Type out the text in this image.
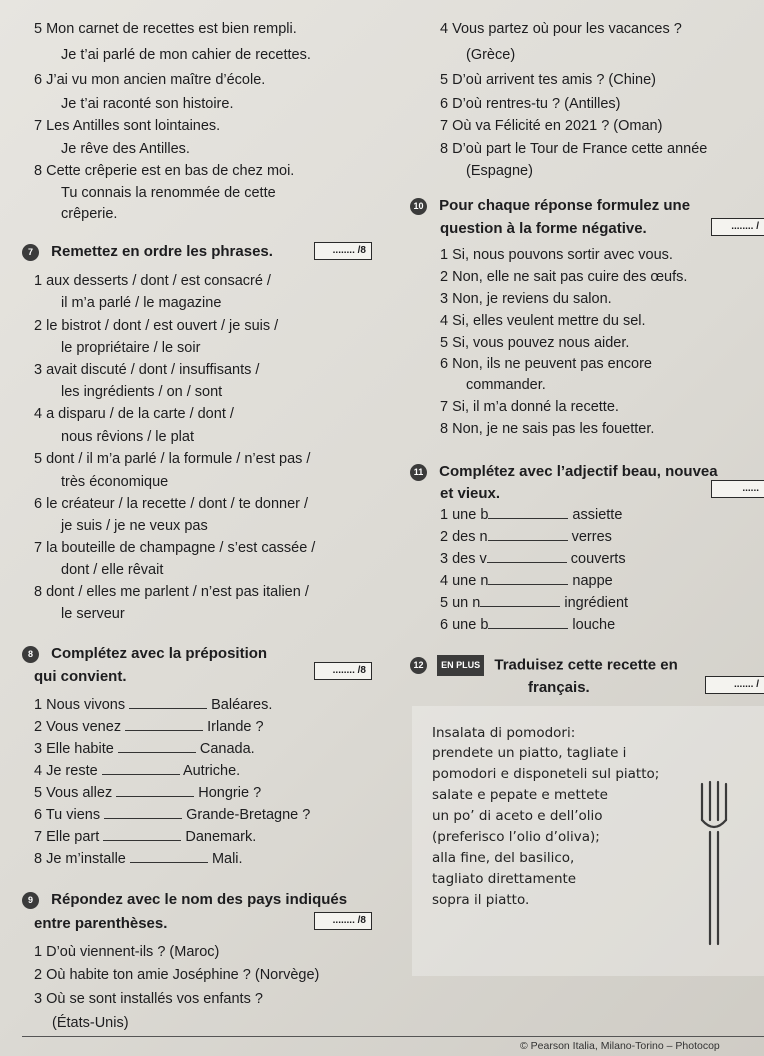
5 Mon carnet de recettes est bien rempli.
Je t’ai parlé de mon cahier de recettes.
6 J’ai vu mon ancien maître d’école.
Je t’ai raconté son histoire.
7 Les Antilles sont lointaines.
Je rêve des Antilles.
8 Cette crêperie est en bas de chez moi.
Tu connais la renommée de cette
crêperie.
4 Vous partez où pour les vacances ?
(Grèce)
5 D’où arrivent tes amis ? (Chine)
6 D’où rentres-tu ? (Antilles)
7 Où va Félicité en 2021 ? (Oman)
8 D’où part le Tour de France cette année
(Espagne)
7 Remettez en ordre les phrases.	........ /8
1 aux desserts / dont / est consacré /
il m’a parlé / le magazine
2 le bistrot / dont / est ouvert / je suis /
le propriétaire / le soir
3 avait discuté / dont / insuffisants /
les ingrédients / on / sont
4 a disparu / de la carte / dont /
nous rêvions / le plat
5 dont / il m’a parlé / la formule / n’est pas /
très économique
6 le créateur / la recette / dont / te donner /
je suis / je ne veux pas
7 la bouteille de champagne / s’est cassée /
dont / elle rêvait
8 dont / elles me parlent / n’est pas italien /
le serveur
8 Complétez avec la préposition
qui convient.	........ /8
1 Nous vivons	Baléares.
2 Vous venez	Irlande ?
3 Elle habite	Canada.
4 Je reste	Autriche.
5 Vous allez	Hongrie ?
6 Tu viens	Grande-Bretagne ?
7 Elle part	Danemark.
8 Je m’installe	Mali.
9 Répondez avec le nom des pays indiqués
entre parenthèses.	........ /8
1 D’où viennent-ils ? (Maroc)
2 Où habite ton amie Joséphine ? (Norvège)
3 Où se sont installés vos enfants ?
(États-Unis)
10 Pour chaque réponse formulez une
question à la forme négative.	........ /
1 Si, nous pouvons sortir avec vous.
2 Non, elle ne sait pas cuire des œufs.
3 Non, je reviens du salon.
4 Si, elles veulent mettre du sel.
5 Si, vous pouvez nous aider.
6 Non, ils ne peuvent pas encore
commander.
7 Si, il m’a donné la recette.
8 Non, je ne sais pas les fouetter.
11 Complétez avec l’adjectif beau, nouvea
et vieux.	......
1 une b	assiette
2 des n	verres
3 des v	couverts
4 une n	nappe
5 un n	ingrédient
6 une b	louche
12 EN PLUS Traduisez cette recette en
français.	....... /
Insalata di pomodori:
prendete un piatto, tagliate i
pomodori e disponeteli sul piatto;
salate e pepate e mettete
un po’ di aceto e dell’olio
(preferisco l’olio d’oliva);
alla fine, del basilico,
tagliato direttamente
sopra il piatto.
© Pearson Italia, Milano-Torino – Photocop
